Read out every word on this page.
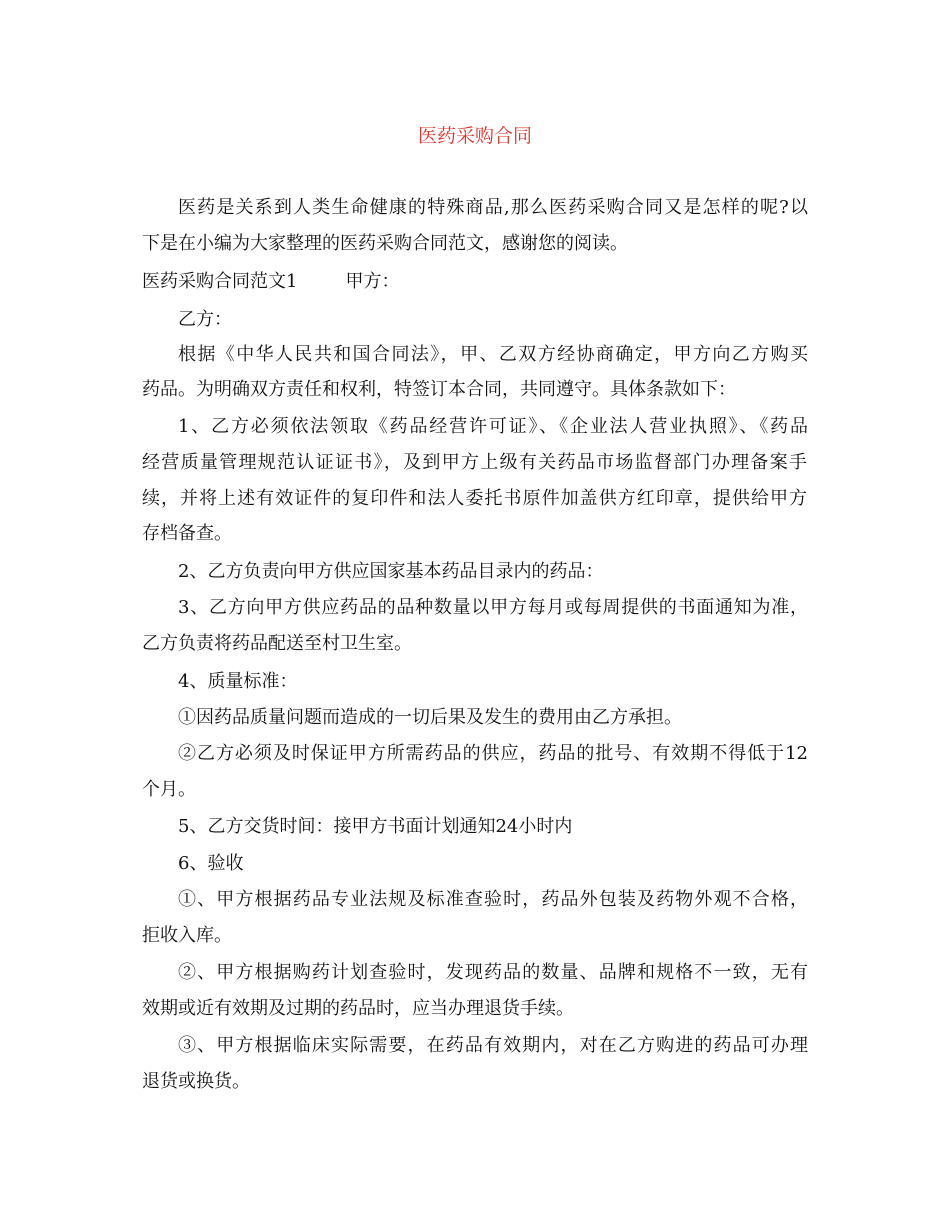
医药采购合同
医药是关系到人类生命健康的特殊商品,那么医药采购合同又是怎样的呢?以
下是在小编为大家整理的医药采购合同范文，感谢您的阅读。
医药采购合同范文1	甲方：
乙方：
根据《中华人民共和国合同法》，甲、乙双方经协商确定，甲方向乙方购买
药品。为明确双方责任和权利，特签订本合同，共同遵守。具体条款如下：
1、乙方必须依法领取《药品经营许可证》、《企业法人营业执照》、《药品
经营质量管理规范认证证书》，及到甲方上级有关药品市场监督部门办理备案手
续，并将上述有效证件的复印件和法人委托书原件加盖供方红印章，提供给甲方
存档备查。
2、乙方负责向甲方供应国家基本药品目录内的药品：
3、乙方向甲方供应药品的品种数量以甲方每月或每周提供的书面通知为准，
乙方负责将药品配送至村卫生室。
4、质量标准：
①因药品质量问题而造成的一切后果及发生的费用由乙方承担。
②乙方必须及时保证甲方所需药品的供应，药品的批号、有效期不得低于12
个月。
5、乙方交货时间：接甲方书面计划通知24小时内
6、验收
①、甲方根据药品专业法规及标准查验时，药品外包装及药物外观不合格，
拒收入库。
②、甲方根据购药计划查验时，发现药品的数量、品牌和规格不一致，无有
效期或近有效期及过期的药品时，应当办理退货手续。
③、甲方根据临床实际需要，在药品有效期内，对在乙方购进的药品可办理
退货或换货。
